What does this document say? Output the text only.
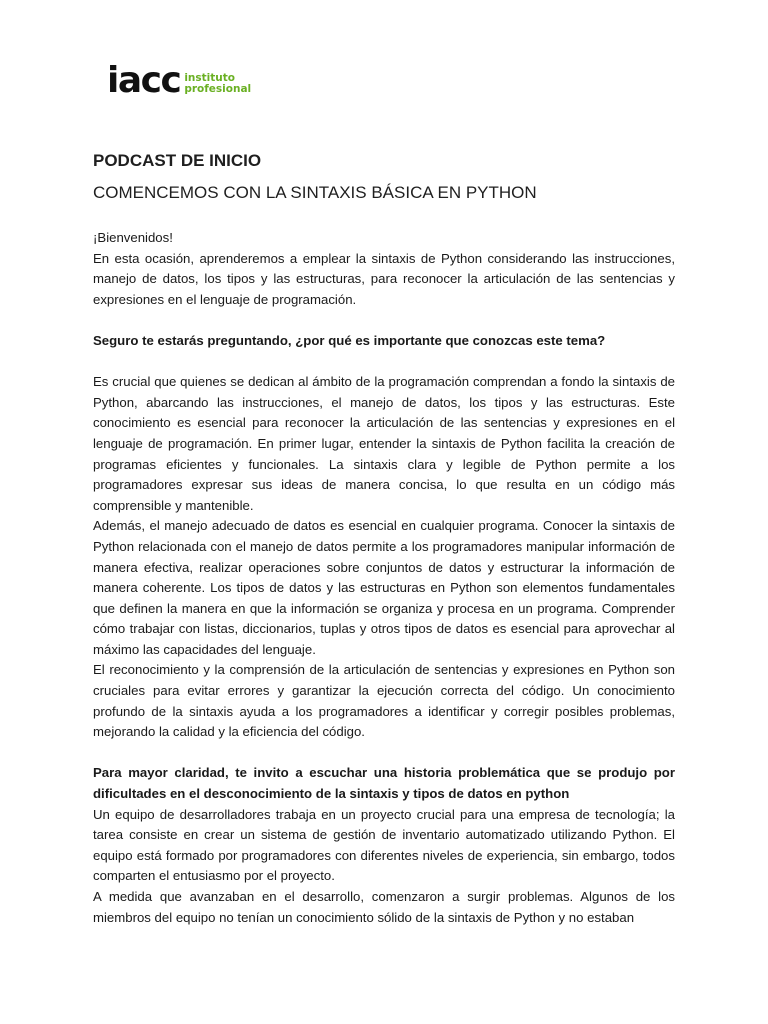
iacc instituto
profesional
PODCAST DE INICIO
COMENCEMOS CON LA SINTAXIS BÁSICA EN PYTHON

¡Bienvenidos!

En esta ocasión, aprenderemos a emplear la sintaxis de Python considerando las instrucciones, manejo de datos, los tipos y las estructuras, para reconocer la articulación de las sentencias y expresiones en el lenguaje de programación.

Seguro te estarás preguntando, ¿por qué es importante que conozcas este tema?

Es crucial que quienes se dedican al ámbito de la programación comprendan a fondo la sintaxis de Python, abarcando las instrucciones, el manejo de datos, los tipos y las estructuras. Este conocimiento es esencial para reconocer la articulación de las sentencias y expresiones en el lenguaje de programación. En primer lugar, entender la sintaxis de Python facilita la creación de programas eficientes y funcionales. La sintaxis clara y legible de Python permite a los programadores expresar sus ideas de manera concisa, lo que resulta en un código más comprensible y mantenible.

Además, el manejo adecuado de datos es esencial en cualquier programa. Conocer la sintaxis de Python relacionada con el manejo de datos permite a los programadores manipular información de manera efectiva, realizar operaciones sobre conjuntos de datos y estructurar la información de manera coherente. Los tipos de datos y las estructuras en Python son elementos fundamentales que definen la manera en que la información se organiza y procesa en un programa. Comprender cómo trabajar con listas, diccionarios, tuplas y otros tipos de datos es esencial para aprovechar al máximo las capacidades del lenguaje.

El reconocimiento y la comprensión de la articulación de sentencias y expresiones en Python son cruciales para evitar errores y garantizar la ejecución correcta del código. Un conocimiento profundo de la sintaxis ayuda a los programadores a identificar y corregir posibles problemas, mejorando la calidad y la eficiencia del código.

Para mayor claridad, te invito a escuchar una historia problemática que se produjo por dificultades en el desconocimiento de la sintaxis y tipos de datos en python

Un equipo de desarrolladores trabaja en un proyecto crucial para una empresa de tecnología; la tarea consiste en crear un sistema de gestión de inventario automatizado utilizando Python. El equipo está formado por programadores con diferentes niveles de experiencia, sin embargo, todos comparten el entusiasmo por el proyecto.

A medida que avanzaban en el desarrollo, comenzaron a surgir problemas. Algunos de los miembros del equipo no tenían un conocimiento sólido de la sintaxis de Python y no estaban
